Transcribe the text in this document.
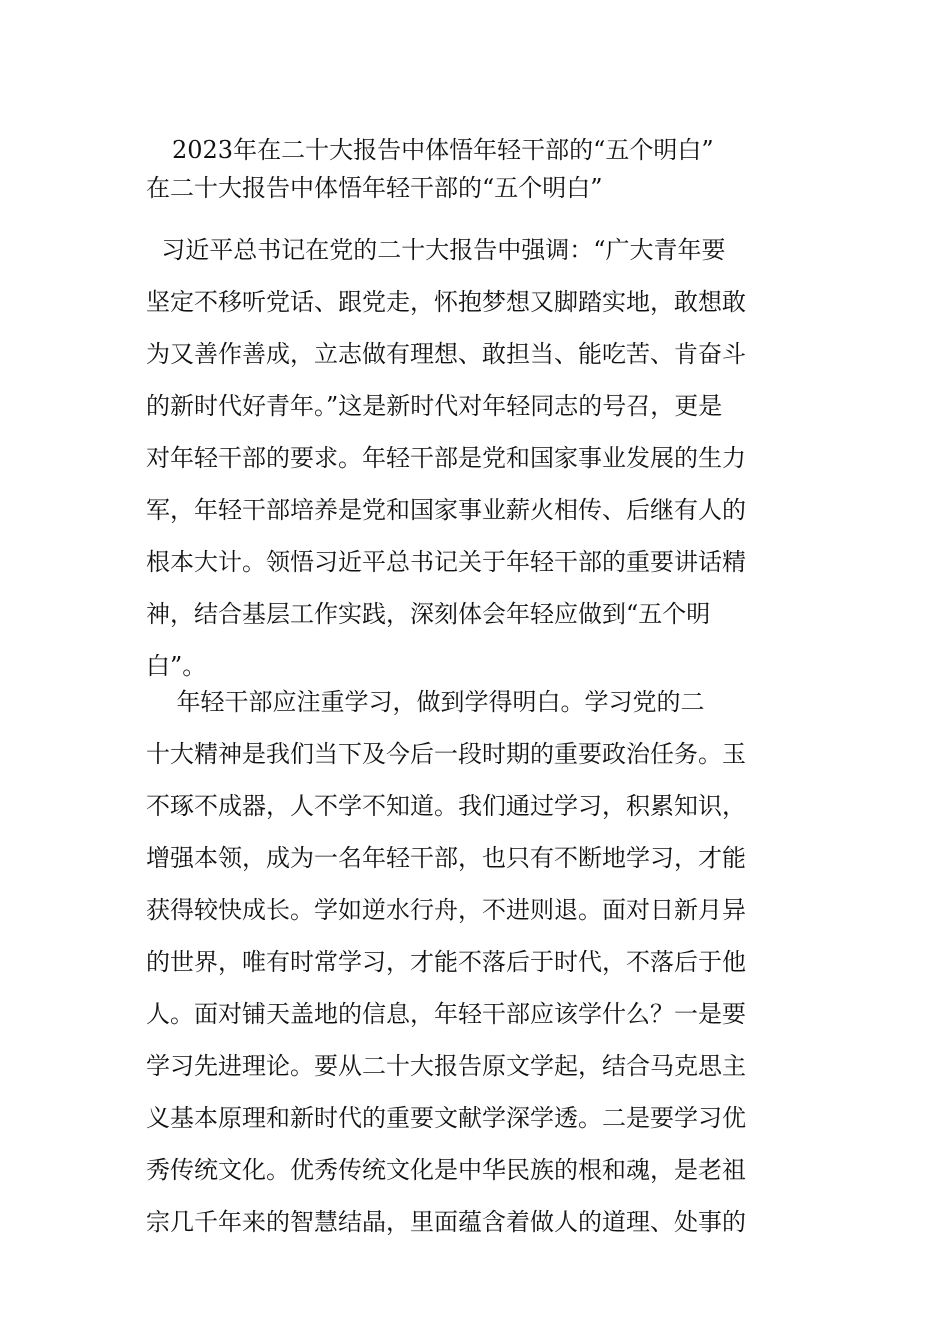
2023年在二十大报告中体悟年轻干部的“五个明白”
在二十大报告中体悟年轻干部的“五个明白”
习近平总书记在党的二十大报告中强调：“广大青年要
坚定不移听党话、跟党走，怀抱梦想又脚踏实地，敢想敢
为又善作善成，立志做有理想、敢担当、能吃苦、肯奋斗
的新时代好青年。”这是新时代对年轻同志的号召，更是
对年轻干部的要求。年轻干部是党和国家事业发展的生力
军，年轻干部培养是党和国家事业薪火相传、后继有人的
根本大计。领悟习近平总书记关于年轻干部的重要讲话精
神，结合基层工作实践，深刻体会年轻应做到“五个明
白”。
年轻干部应注重学习，做到学得明白。学习党的二
十大精神是我们当下及今后一段时期的重要政治任务。玉
不琢不成器，人不学不知道。我们通过学习，积累知识，
增强本领，成为一名年轻干部，也只有不断地学习，才能
获得较快成长。学如逆水行舟，不进则退。面对日新月异
的世界，唯有时常学习，才能不落后于时代，不落后于他
人。面对铺天盖地的信息，年轻干部应该学什么？一是要
学习先进理论。要从二十大报告原文学起，结合马克思主
义基本原理和新时代的重要文献学深学透。二是要学习优
秀传统文化。优秀传统文化是中华民族的根和魂，是老祖
宗几千年来的智慧结晶，里面蕴含着做人的道理、处事的
